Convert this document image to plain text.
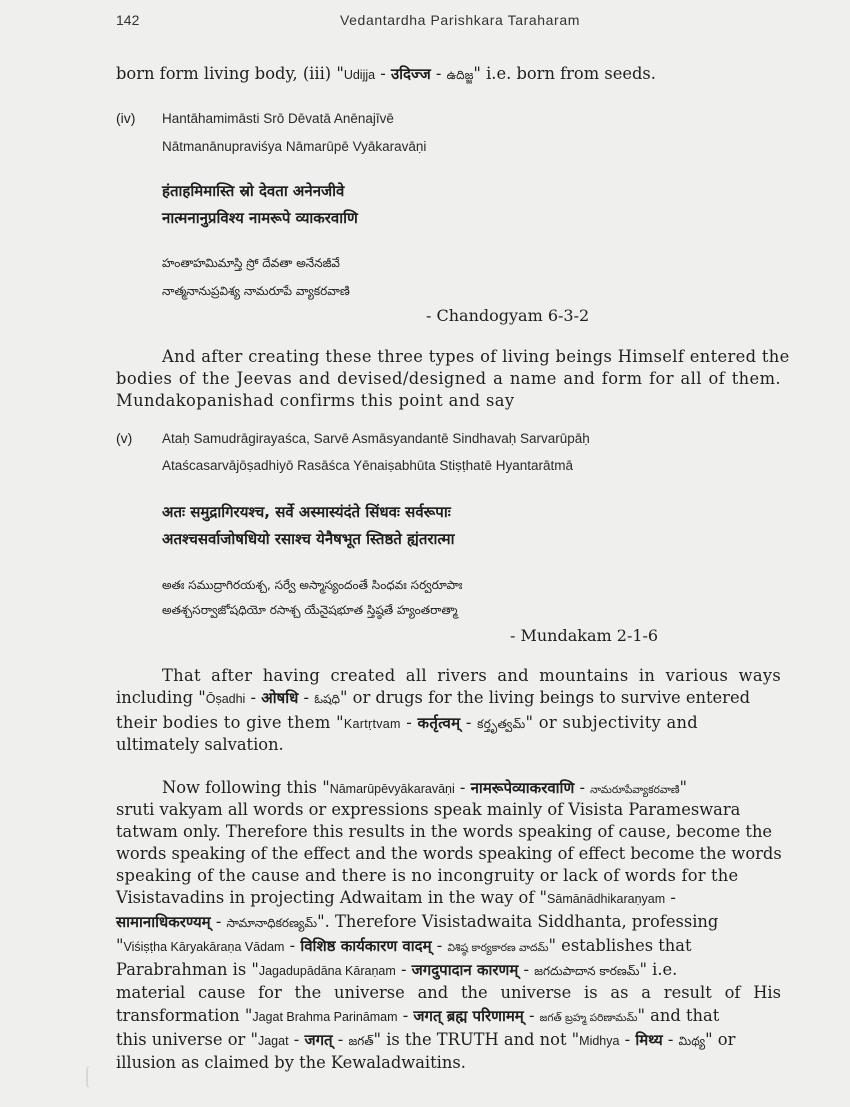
142	Vedantardha Parishkara Taraharam
born form living body, (iii) "Udijja - उदिज्ज - ఉదిజ్జ" i.e. born from seeds.
(iv) Hantāhamimāsti Srō Dēvatā Anēnajīvē
Nātmanānupraviśya Nāmarūpē Vyākaravāṇi
हंताहमिमास्ति स्रो देवता अनेनजीवे
नात्मनानुप्रविश्य नामरूपे व्याकरवाणि
హంతాహమిమాస్తి స్రో దేవతా అనేనజీవే
నాత్మనానుప్రవిశ్య నామరూపే వ్యాకరవాణి
- Chandogyam 6-3-2
And after creating these three types of living beings Himself entered the
bodies of the Jeevas and devised/designed a name and form for all of them.
Mundakopanishad confirms this point and say
(v) Ataḥ Samudrāgirayaśca, Sarvē Asmāsyandantē Sindhavaḥ Sarvarūpāḥ
Ataścasarvājōṣadhiyō Rasāśca Yēnaiṣabhūta Stiṣṭhatē Hyantarātmā
अतः समुद्रागिरयश्च, सर्वे अस्मास्यंदंते सिंधवः सर्वरूपाः
अतश्चसर्वाजोषधियो रसाश्च येनैषभूत स्तिष्ठते ह्यंतरात्मा
అతః సముద్రాగిరయశ్చ, సర్వే అస్మాస్యందంతే సింధవః సర్వరూపాః
అతశ్చసర్వాజోషధియో రసాశ్చ యేనైషభూత స్తిష్ఠతే హ్యంతరాత్మా
- Mundakam 2-1-6
That after having created all rivers and mountains in various ways
including "Ōṣadhi - ओषधि - ఓషధి" or drugs for the living beings to survive entered
their bodies to give them "Kartṛtvam - कर्तृत्वम् - కర్తృత్వమ్" or subjectivity and
ultimately salvation.
Now following this "Nāmarūpēvyākaravāṇi - नामरूपेव्याकरवाणि - నామరూపేవ్యాకరవాణి"
sruti vakyam all words or expressions speak mainly of Visista Parameswara
tatwam only. Therefore this results in the words speaking of cause, become the
words speaking of the effect and the words speaking of effect become the words
speaking of the cause and there is no incongruity or lack of words for the
Visistavadins in projecting Adwaitam in the way of "Sāmānādhikaraṇyam -
सामानाधिकरण्यम् - సామానాధికరణ్యమ్". Therefore Visistadwaita Siddhanta, professing
"Viśiṣṭha Kāryakāraṇa Vādam - विशिष्ठ कार्यकारण वादम् - విశిష్ఠ కార్యకారణ వాదమ్" establishes that
Parabrahman is "Jagadupādāna Kāraṇam - जगदुपादान कारणम् - జగదుపాదాన కారణమ్" i.e.
material cause for the universe and the universe is as a result of His
transformation "Jagat Brahma Parināmam - जगत् ब्रह्म परिणामम् - జగత్ బ్రహ్మ పరిణామమ్" and that
this universe or "Jagat - जगत् - జగత్" is the TRUTH and not "Midhya - मिथ्य - మిథ్య" or
illusion as claimed by the Kewaladwaitins.
